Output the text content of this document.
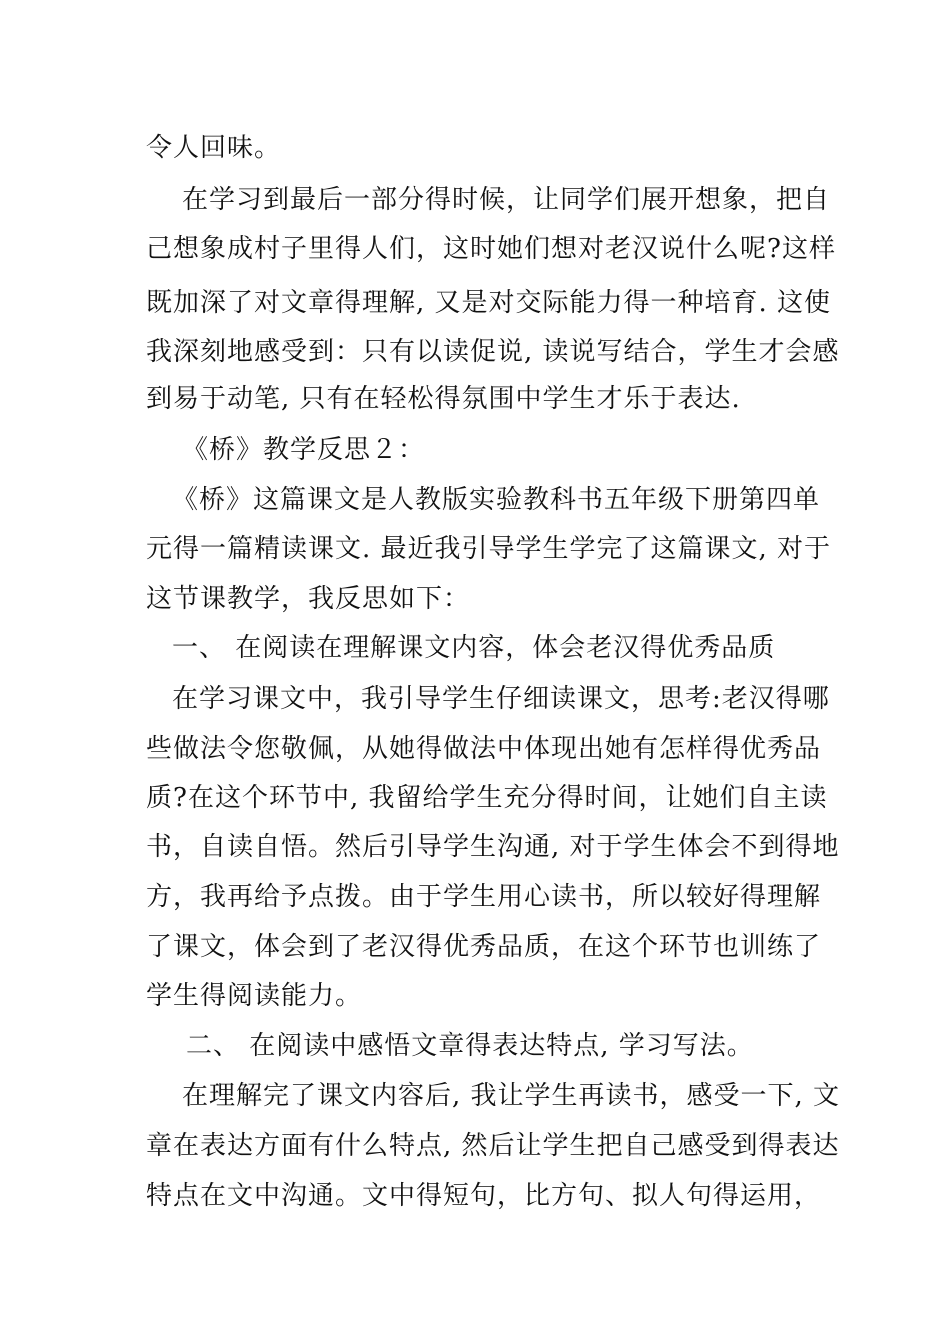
令人回味。
在学习到最后一部分得时候，让同学们展开想象，把自
己想象成村子里得人们，这时她们想对老汉说什么呢?这样
既加深了对文章得理解, 又是对交际能力得一种培育. 这使
我深刻地感受到：只有以读促说, 读说写结合，学生才会感
到易于动笔, 只有在轻松得氛围中学生才乐于表达.
《桥》教学反思２：
《桥》这篇课文是人教版实验教科书五年级下册第四单
元得一篇精读课文. 最近我引导学生学完了这篇课文, 对于
这节课教学，我反思如下：
一、 在阅读在理解课文内容，体会老汉得优秀品质
在学习课文中，我引导学生仔细读课文，思考:老汉得哪
些做法令您敬佩，从她得做法中体现出她有怎样得优秀品
质?在这个环节中, 我留给学生充分得时间，让她们自主读
书，自读自悟。然后引导学生沟通, 对于学生体会不到得地
方，我再给予点拨。由于学生用心读书，所以较好得理解
了课文，体会到了老汉得优秀品质，在这个环节也训练了
学生得阅读能力。
二、 在阅读中感悟文章得表达特点, 学习写法。
在理解完了课文内容后, 我让学生再读书，感受一下, 文
章在表达方面有什么特点, 然后让学生把自己感受到得表达
特点在文中沟通。文中得短句，比方句、拟人句得运用，
